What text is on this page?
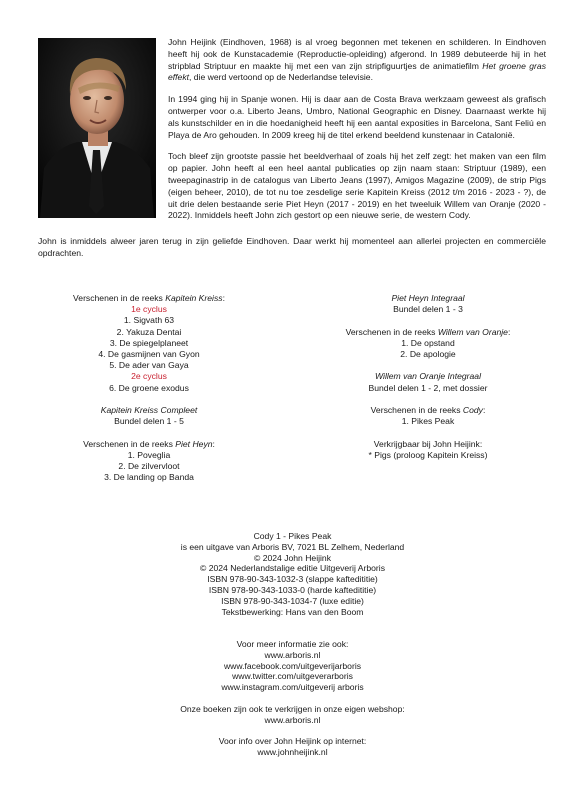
John Heijink (Eindhoven, 1968) is al vroeg begonnen met tekenen en schilderen. In Eindhoven heeft hij ook de Kunstacademie (Reproductie-opleiding) afgerond. In 1989 debuteerde hij in het stripblad Striptuur en maakte hij met een van zijn stripfiguurtjes de animatiefilm Het groene gras effekt, die werd vertoond op de Nederlandse televisie.

In 1994 ging hij in Spanje wonen. Hij is daar aan de Costa Brava werkzaam geweest als grafisch ontwerper voor o.a. Liberto Jeans, Umbro, National Geographic en Disney. Daarnaast werkte hij als kunstschilder en in die hoedanigheid heeft hij een aantal exposities in Barcelona, Sant Feliú en Playa de Aro gehouden. In 2009 kreeg hij de titel erkend beeldend kunstenaar in Catalonië.

Toch bleef zijn grootste passie het beeldverhaal of zoals hij het zelf zegt: het maken van een film op papier. John heeft al een heel aantal publicaties op zijn naam staan: Striptuur (1989), een tweepaginastrip in de catalogus van Liberto Jeans (1997), Amigos Magazine (2009), de strip Pigs (eigen beheer, 2010), de tot nu toe zesdelige serie Kapitein Kreiss (2012 t/m 2016 - 2023 - ?), de uit drie delen bestaande serie Piet Heyn (2017 - 2019) en het tweeluik Willem van Oranje (2020 - 2022). Inmiddels heeft John zich gestort op een nieuwe serie, de western Cody.

John is inmiddels alweer jaren terug in zijn geliefde Eindhoven. Daar werkt hij momenteel aan allerlei projecten en commerciële opdrachten.

Verschenen in de reeks Kapitein Kreiss:
1e cyclus
1. Sigvath 63
2. Yakuza Dentai
3. De spiegelplaneet
4. De gasmijnen van Gyon
5. De ader van Gaya
2e cyclus
6. De groene exodus
Kapitein Kreiss Compleet
Bundel delen 1 - 5
Verschenen in de reeks Piet Heyn:
1. Poveglia
2. De zilvervloot
3. De landing op Banda
Piet Heyn Integraal
Bundel delen 1 - 3
Verschenen in de reeks Willem van Oranje:
1. De opstand
2. De apologie
Willem van Oranje Integraal
Bundel delen 1 - 2, met dossier
Verschenen in de reeks Cody:
1. Pikes Peak
Verkrijgbaar bij John Heijink:
* Pigs (proloog Kapitein Kreiss)
Cody 1 - Pikes Peak
is een uitgave van Arboris BV, 7021 BL Zelhem, Nederland
© 2024 John Heijink
© 2024 Nederlandstalige editie Uitgeverij Arboris
ISBN 978-90-343-1032-3 (slappe kaftedititie)
ISBN 978-90-343-1033-0 (harde kaftedititie)
ISBN 978-90-343-1034-7 (luxe editie)
Tekstbewerking: Hans van den Boom
Voor meer informatie zie ook:
www.arboris.nl
www.facebook.com/uitgeverijarboris
www.twitter.com/uitgeverarboris
www.instagram.com/uitgeverij arboris
Onze boeken zijn ook te verkrijgen in onze eigen webshop:
www.arboris.nl
Voor info over John Heijink op internet:
www.johnheijink.nl
